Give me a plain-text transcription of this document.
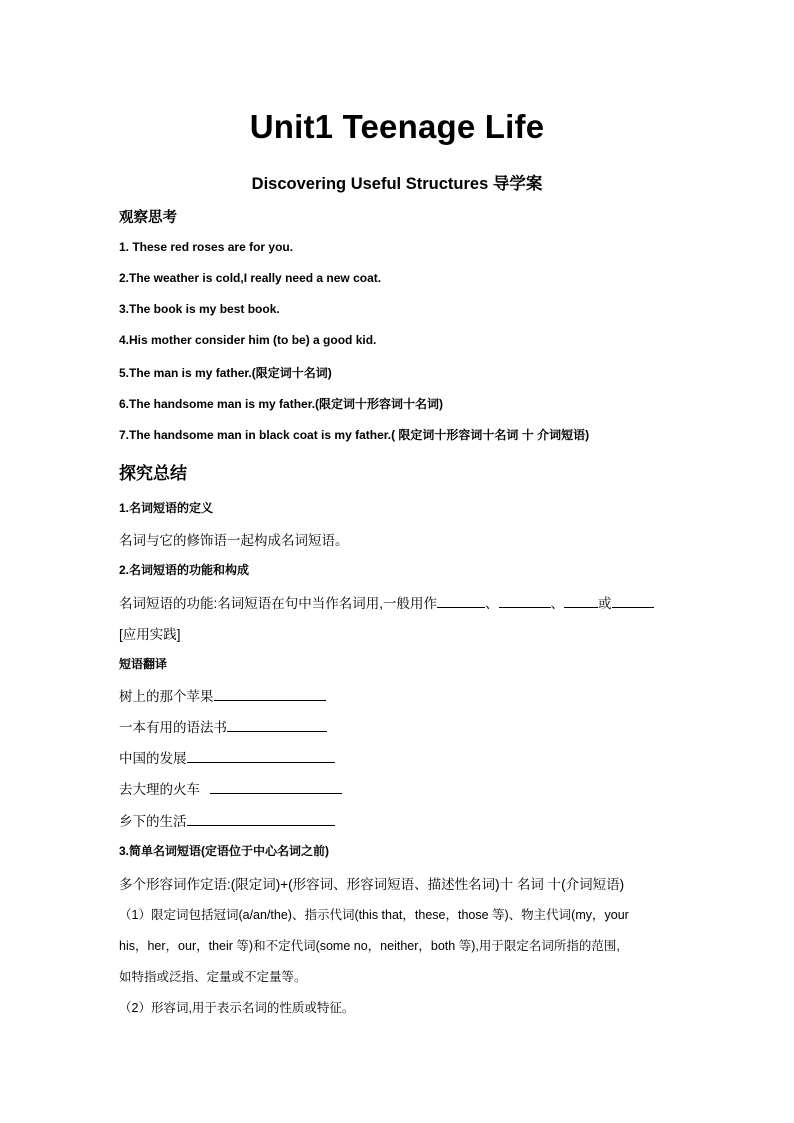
Unit1 Teenage Life
Discovering Useful Structures 导学案
观察思考
1. These red roses are for you.
2.The weather is cold,I really need a new coat.
3.The book is my best book.
4.His mother consider him (to be) a good kid.
5.The man is my father.(限定词十名词)
6.The handsome man is my father.(限定词十形容词十名词)
7.The handsome man in black coat is my father.( 限定词十形容词十名词 十 介词短语)
探究总结
1.名词短语的定义
名词与它的修饰语一起构成名词短语。
2.名词短语的功能和构成
名词短语的功能:名词短语在句中当作名词用,一般用作	、	、	或
[应用实践]
短语翻译
树上的那个苹果
一本有用的语法书
中国的发展
去大理的火车
乡下的生活
3.简单名词短语(定语位于中心名词之前)
多个形容词作定语:(限定词)+(形容词、形容词短语、描述性名词)十 名词 十(介词短语)
（1）限定词包括冠词(a/an/the)、指示代词(this that，these，those 等)、物主代词(my，your
his，her，our，their 等)和不定代词(some no，neither，both 等),用于限定名词所指的范围,
如特指或泛指、定量或不定量等。
（2）形容词,用于表示名词的性质或特征。
